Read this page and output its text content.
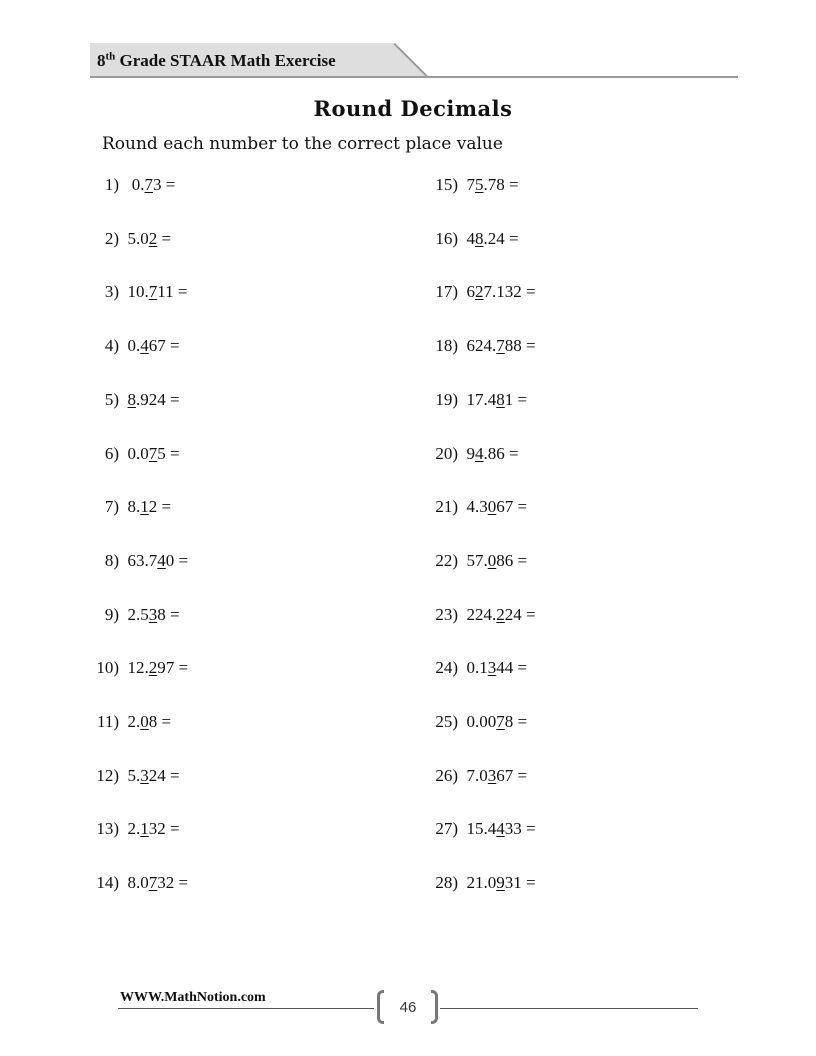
8th Grade STAAR Math Exercise
Round Decimals
Round each number to the correct place value
1)   0.73 =
2) 5.02 =
3) 10.711 =
4) 0.467 =
5) 8.924 =
6) 0.075 =
7) 8.12 =
8) 63.740 =
9) 2.538 =
10) 12.297 =
11) 2.08 =
12) 5.324 =
13) 2.132 =
14) 8.0732 =
15) 75.78 =
16) 48.24 =
17) 627.132 =
18) 624.788 =
19) 17.481 =
20) 94.86 =
21) 4.3067 =
22) 57.086 =
23) 224.224 =
24) 0.1344 =
25) 0.0078 =
26) 7.0367 =
27) 15.4433 =
28) 21.0931 =
WWW.MathNotion.com
46
